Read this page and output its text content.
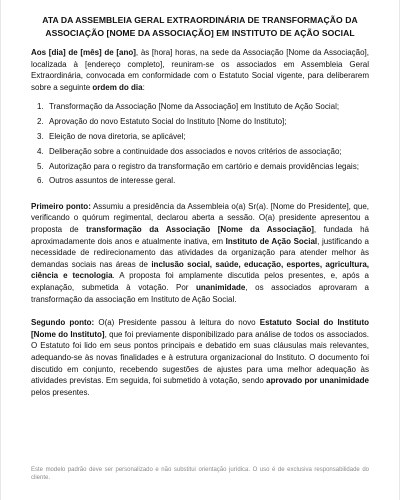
ATA DA ASSEMBLEIA GERAL EXTRAORDINÁRIA DE TRANSFORMAÇÃO DA ASSOCIAÇÃO [NOME DA ASSOCIAÇÃO] EM INSTITUTO DE AÇÃO SOCIAL

Aos [dia] de [mês] de [ano], às [hora] horas, na sede da Associação [Nome da Associação], localizada à [endereço completo], reuniram-se os associados em Assembleia Geral Extraordinária, convocada em conformidade com o Estatuto Social vigente, para deliberarem sobre a seguinte ordem do dia:

1. Transformação da Associação [Nome da Associação] em Instituto de Ação Social;
2. Aprovação do novo Estatuto Social do Instituto [Nome do Instituto];
3. Eleição de nova diretoria, se aplicável;
4. Deliberação sobre a continuidade dos associados e novos critérios de associação;
5. Autorização para o registro da transformação em cartório e demais providências legais;
6. Outros assuntos de interesse geral.

Primeiro ponto: Assumiu a presidência da Assembleia o(a) Sr(a). [Nome do Presidente], que, verificando o quórum regimental, declarou aberta a sessão. O(a) presidente apresentou a proposta de transformação da Associação [Nome da Associação], fundada há aproximadamente dois anos e atualmente inativa, em Instituto de Ação Social, justificando a necessidade de redirecionamento das atividades da organização para atender melhor às demandas sociais nas áreas de inclusão social, saúde, educação, esportes, agricultura, ciência e tecnologia. A proposta foi amplamente discutida pelos presentes, e, após a explanação, submetida à votação. Por unanimidade, os associados aprovaram a transformação da associação em Instituto de Ação Social.

Segundo ponto: O(a) Presidente passou à leitura do novo Estatuto Social do Instituto [Nome do Instituto], que foi previamente disponibilizado para análise de todos os associados. O Estatuto foi lido em seus pontos principais e debatido em suas cláusulas mais relevantes, adequando-se às novas finalidades e à estrutura organizacional do Instituto. O documento foi discutido em conjunto, recebendo sugestões de ajustes para uma melhor adequação às atividades previstas. Em seguida, foi submetido à votação, sendo aprovado por unanimidade pelos presentes.

Este modelo padrão deve ser personalizado e não substitui orientação jurídica. O uso é de exclusiva responsabilidade do cliente.
